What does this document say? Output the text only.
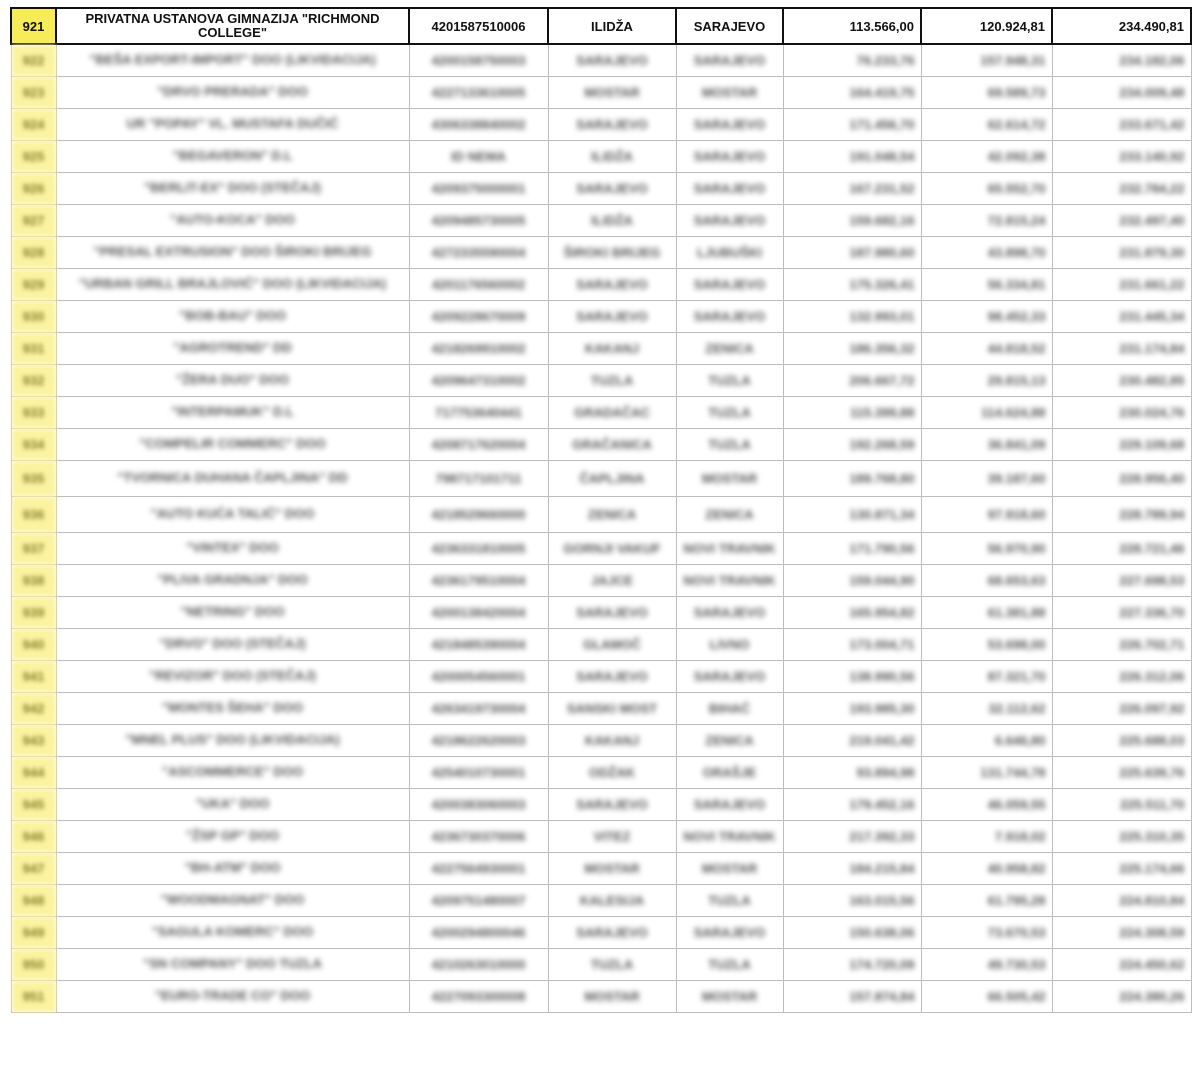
921	PRIVATNA USTANOVA GIMNAZIJA "RICHMOND COLLEGE"	4201587510006	ILIDŽA	SARAJEVO	113.566,00	120.924,81	234.490,81
922	"BEŠA EXPORT-IMPORT" DOO (LIKVIDACIJA)	4200158750003	SARAJEVO	SARAJEVO	76.233,76	157.948,31	234.182,06
923	"DRVO PRERADA" DOO	4227133610005	MOSTAR	MOSTAR	164.419,75	69.589,73	234.009,48
924	UR "POPAY" VL. MUSTAFA DUČIĆ	4306338840002	SARAJEVO	SARAJEVO	171.456,70	62.614,72	233.671,42
925	"BEGAVERON" D.L	ID NEMA	ILIDŽA	SARAJEVO	191.048,54	42.092,38	233.140,92
926	"BERLIT-EX" DOO (STEČAJ)	4209375000001	SARAJEVO	SARAJEVO	167.231,52	65.552,70	232.784,22
927	"AUTO-KOCA" DOO	4209485730005	ILIDŽA	SARAJEVO	159.682,16	72.815,24	232.497,40
928	"PRESAL EXTRUSION" DOO ŠIROKI BRIJEG	4272335590004	ŠIROKI BRIJEG	LJUBUŠKI	187.980,60	43.898,70	231.879,30
929	"URBAN GRILL BRAJLOVIĆ" DOO (LIKVIDACIJA)	4201176560002	SARAJEVO	SARAJEVO	175.326,41	56.334,81	231.661,22
930	"BOB-BAU" DOO	4209228670009	SARAJEVO	SARAJEVO	132.993,01	98.452,33	231.445,34
931	"AGROTREND" DD	4218269910002	KAKANJ	ZENICA	186.356,32	44.818,52	231.174,84
932	"ŽERA DUO" DOO	4209647310002	TUZLA	TUZLA	206.667,72	29.815,13	230.482,85
933	"INTERPAMUK" D.L	717753640441	GRADAČAC	TUZLA	115.399,88	114.624,88	230.024,76
934	"COMPELIR COMMERC" DOO	4208717620004	GRAČANICA	TUZLA	192.268,59	36.841,09	229.109,68
935	"TVORNICA DUHANA ČAPLJINA" DD	798717101711	ČAPLJINA	MOSTAR	189.768,80	39.187,60	228.956,40
936	"AUTO KUĆA TALIĆ" DOO	4218529660000	ZENICA	ZENICA	130.871,34	97.918,60	228.789,94
937	"VINTEX" DOO	4236331810005	GORNJI VAKUF	NOVI TRAVNIK	171.790,56	56.970,90	228.721,46
938	"PLIVA GRADNJA" DOO	4236179510004	JAJCE	NOVI TRAVNIK	159.044,90	68.653,63	227.698,53
939	"NETRING" DOO	4200138420004	SARAJEVO	SARAJEVO	165.954,82	61.381,88	227.336,70
940	"DRVO" DOO (STEČAJ)	4218485390004	GLAMOČ	LIVNO	173.004,71	53.698,00	226.702,71
941	"REVIZOR" DOO (STEČAJ)	4200054560001	SARAJEVO	SARAJEVO	138.990,56	87.321,70	226.312,06
942	"MONTES ŠEHA" DOO	4263419730004	SANSKI MOST	BIHAĆ	193.985,30	32.112,62	226.097,92
943	"MNEL PLUS" DOO (LIKVIDACIJA)	4218622620003	KAKANJ	ZENICA	219.041,42	6.646,80	225.688,03
944	"ASCOMMERCE" DOO	4254010730001	ODŽAK	ORAŠJE	93.894,98	131.744,78	225.639,76
945	"UKA" DOO	4200383060003	SARAJEVO	SARAJEVO	179.452,16	46.059,55	225.511,70
946	"ŽSP GP" DOO	4236730370006	VITEZ	NOVI TRAVNIK	217.392,33	7.918,02	225.310,35
947	"BH-ATM" DOO	4227564930001	MOSTAR	MOSTAR	184.215,84	40.958,82	225.174,66
948	"WOODMAGNAT" DOO	4209751480007	KALESIJA	TUZLA	163.015,56	61.795,28	224.810,84
949	"SAGULA KOMERC" DOO	4200294800046	SARAJEVO	SARAJEVO	150.638,06	73.670,53	224.308,59
950	"SN COMPANY" DOO TUZLA	4210263010000	TUZLA	TUZLA	174.720,09	49.730,53	224.450,62
951	"EURO-TRADE CO" DOO	4227093300008	MOSTAR	MOSTAR	157.874,84	66.505,42	224.380,26
